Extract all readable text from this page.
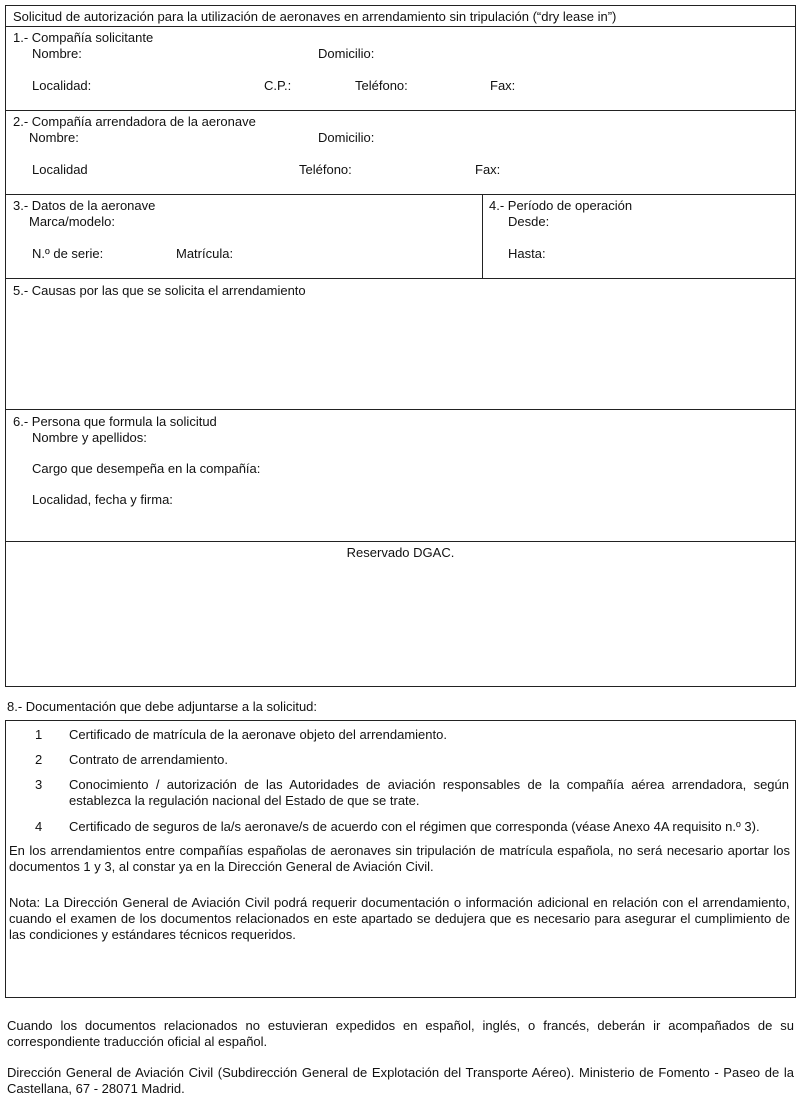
Solicitud de autorización para la utilización de aeronaves en arrendamiento sin tripulación (“dry lease in”)
1.- Compañía solicitante
Nombre:	Domicilio:
Localidad:	C.P.:	Teléfono:	Fax:
2.- Compañía arrendadora de la aeronave
Nombre:	Domicilio:
Localidad	Teléfono:	Fax:
3.- Datos de la aeronave
Marca/modelo:
N.º de serie:	Matrícula:
4.- Período de operación
Desde:
Hasta:
5.- Causas por las que se solicita el arrendamiento
6.- Persona que formula la solicitud
Nombre y apellidos:
Cargo que desempeña en la compañía:
Localidad, fecha y firma:
Reservado DGAC.
8.- Documentación que debe adjuntarse a la solicitud:
1 Certificado de matrícula de la aeronave objeto del arrendamiento.
2 Contrato de arrendamiento.
3 Conocimiento / autorización de las Autoridades de aviación responsables de la compañía aérea arrendadora, según establezca la regulación nacional del Estado de que se trate.
4 Certificado de seguros de la/s aeronave/s de acuerdo con el régimen que corresponda (véase Anexo 4A requisito n.º 3).
En los arrendamientos entre compañías españolas de aeronaves sin tripulación de matrícula española, no será necesario aportar los documentos 1 y 3, al constar ya en la Dirección General de Aviación Civil.
Nota: La Dirección General de Aviación Civil podrá requerir documentación o información adicional en relación con el arrendamiento, cuando el examen de los documentos relacionados en este apartado se dedujera que es necesario para asegurar el cumplimiento de las condiciones y estándares técnicos requeridos.
Cuando los documentos relacionados no estuvieran expedidos en español, inglés, o francés, deberán ir acompañados de su correspondiente traducción oficial al español.
Dirección General de Aviación Civil (Subdirección General de Explotación del Transporte Aéreo). Ministerio de Fomento - Paseo de la Castellana, 67 - 28071 Madrid.
